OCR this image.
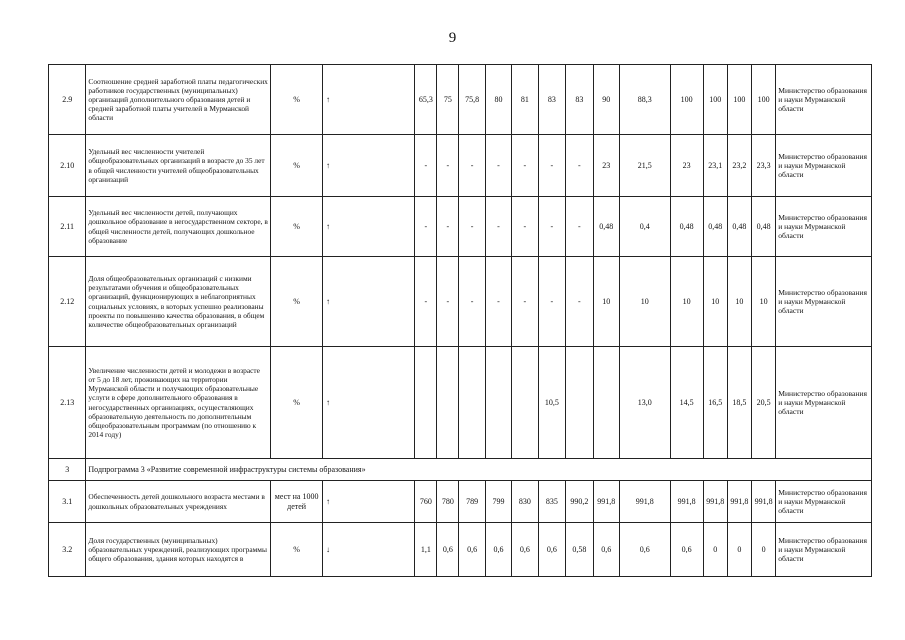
9
2.9	Соотношение средней заработной платы педагогических работников государственных (муниципальных) организаций дополнительного образования детей и средней заработной платы учителей в Мурманской области	%	↑	65,3	75	75,8	80	81	83	83	90	88,3	100	100	100	100	Министерство образования и науки Мурманской области
2.10	Удельный вес численности учителей общеобразовательных организаций в возрасте до 35 лет в общей численности учителей общеобразовательных организаций	%	↑	-	-	-	-	-	-	-	23	21,5	23	23,1	23,2	23,3	Министерство образования и науки Мурманской области
2.11	Удельный вес численности детей, получающих дошкольное образование в негосударственном секторе, в общей численности детей, получающих дошкольное образование	%	↑	-	-	-	-	-	-	-	0,48	0,4	0,48	0,48	0,48	0,48	Министерство образования и науки Мурманской области
2.12	Доля общеобразовательных организаций с низкими результатами обучения и общеобразовательных организаций, функционирующих в неблагоприятных социальных условиях, в которых успешно реализованы проекты по повышению качества образования, в общем количестве общеобразовательных организаций	%	↑	-	-	-	-	-	-	-	10	10	10	10	10	10	Министерство образования и науки Мурманской области
2.13	Увеличение численности детей и молодежи в возрасте от 5 до 18 лет, проживающих на территории Мурманской области и получающих образовательные услуги в сфере дополнительного образования в негосударственных организациях, осуществляющих образовательную деятельность по дополнительным общеобразовательным программам (по отношению к 2014 году)	%	↑						10,5			13,0	14,5	16,5	18,5	20,5	Министерство образования и науки Мурманской области
3	Подпрограмма 3 «Развитие современной инфраструктуры системы образования»																
3.1	Обеспеченность детей дошкольного возраста местами в дошкольных образовательных учреждениях	мест на 1000 детей	↑	760	780	789	799	830	835	990,2	991,8	991,8	991,8	991,8	991,8	991,8	Министерство образования и науки Мурманской области
3.2	Доля государственных (муниципальных) образовательных учреждений, реализующих программы общего образования, здания которых находятся в	%	↓	1,1	0,6	0,6	0,6	0,6	0,6	0,58	0,6	0,6	0,6	0	0	0	Министерство образования и науки Мурманской области
